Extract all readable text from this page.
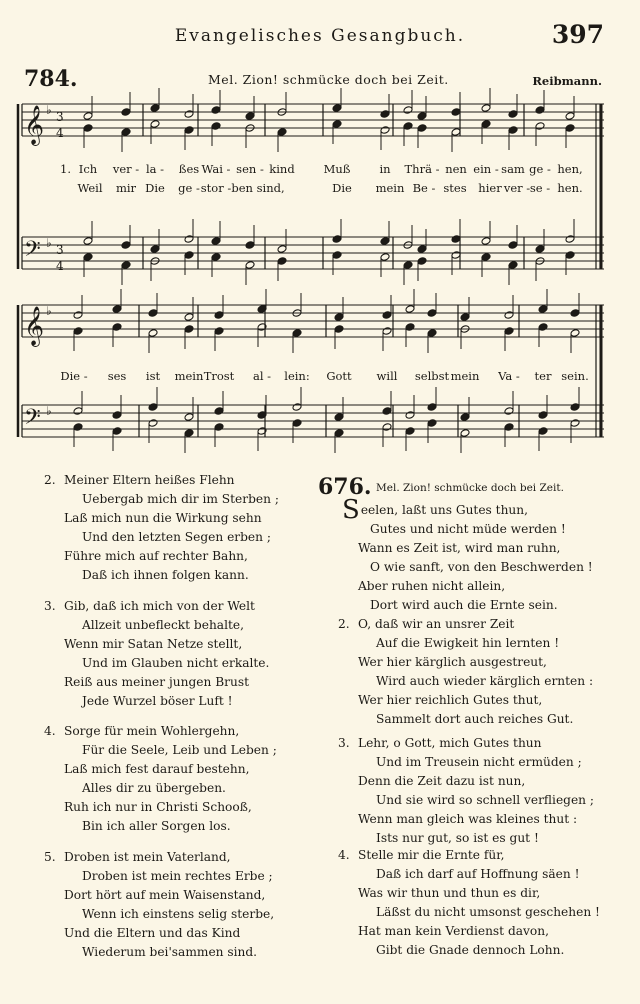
Evangelisches Gesangbuch.	397
784.	Mel. Zion! schmücke doch bei Zeit.	Reibmann.
𝄞
𝄢
𝄞
𝄢
♭
♭
♭
♭
3
4
3
4
1. Ich ver - la - ßes Wai - sen - kind	Muß	in Thrä - nen ein - sam ge - hen,
Weil mir Die ge - stor - ben sind,	Die mein Be - stes hier ver - se - hen.
Die - ses ist mein Trost al - lein: Gott will selbst mein Va - ter sein.
2. Meiner Eltern heißes Flehn
Uebergab mich dir im Sterben ;
Laß mich nun die Wirkung sehn
Und den letzten Segen erben ;
Führe mich auf rechter Bahn,
Daß ich ihnen folgen kann.
3. Gib, daß ich mich von der Welt
Allzeit unbefleckt behalte,
Wenn mir Satan Netze stellt,
Und im Glauben nicht erkalte.
Reiß aus meiner jungen Brust
Jede Wurzel böser Luft !
4. Sorge für mein Wohlergehn,
Für die Seele, Leib und Leben ;
Laß mich fest darauf bestehn,
Alles dir zu übergeben.
Ruh ich nur in Christi Schooß,
Bin ich aller Sorgen los.
5. Droben ist mein Vaterland,
Droben ist mein rechtes Erbe ;
Dort hört auf mein Waisenstand,
Wenn ich einstens selig sterbe,
Und die Eltern und das Kind
Wiederum bei'sammen sind.
676. Mel. Zion! schmücke doch bei Zeit.
Seelen, laßt uns Gutes thun,
Gutes und nicht müde werden !
Wann es Zeit ist, wird man ruhn,
O wie sanft, von den Beschwerden !
Aber ruhen nicht allein,
Dort wird auch die Ernte sein.
2. O, daß wir an unsrer Zeit
Auf die Ewigkeit hin lernten !
Wer hier kärglich ausgestreut,
Wird auch wieder kärglich ernten :
Wer hier reichlich Gutes thut,
Sammelt dort auch reiches Gut.
3. Lehr, o Gott, mich Gutes thun
Und im Treusein nicht ermüden ;
Denn die Zeit dazu ist nun,
Und sie wird so schnell verfliegen ;
Wenn man gleich was kleines thut :
Ists nur gut, so ist es gut !
4. Stelle mir die Ernte für,
Daß ich darf auf Hoffnung säen !
Was wir thun und thun es dir,
Läßst du nicht umsonst geschehen !
Hat man kein Verdienst davon,
Gibt die Gnade dennoch Lohn.
